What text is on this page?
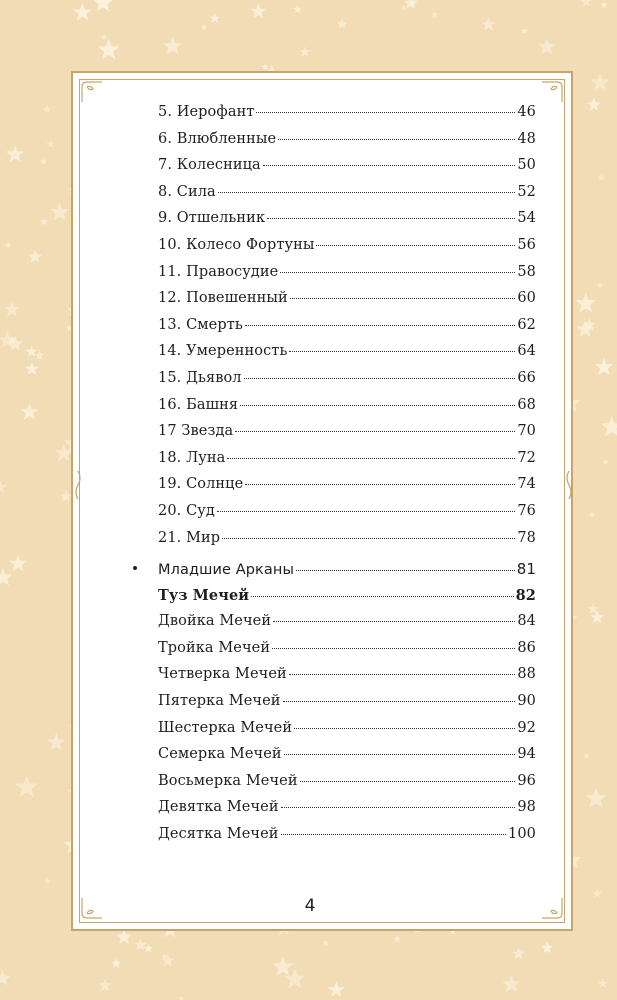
5. Иерофант	46
6. Влюбленные	48
7. Колесница	50
8. Сила	52
9. Отшельник	54
10. Колесо Фортуны	56
11. Правосудие	58
12. Повешенный	60
13. Смерть	62
14. Умеренность	64
15. Дьявол	66
16. Башня	68
17 Звезда	70
18. Луна	72
19. Солнце	74
20. Суд	76
21. Мир	78
Младшие Арканы	81
Туз Мечей	82
Двойка Мечей	84
Тройка Мечей	86
Четверка Мечей	88
Пятерка Мечей	90
Шестерка Мечей	92
Семерка Мечей	94
Восьмерка Мечей	96
Девятка Мечей	98
Десятка Мечей	100
4
